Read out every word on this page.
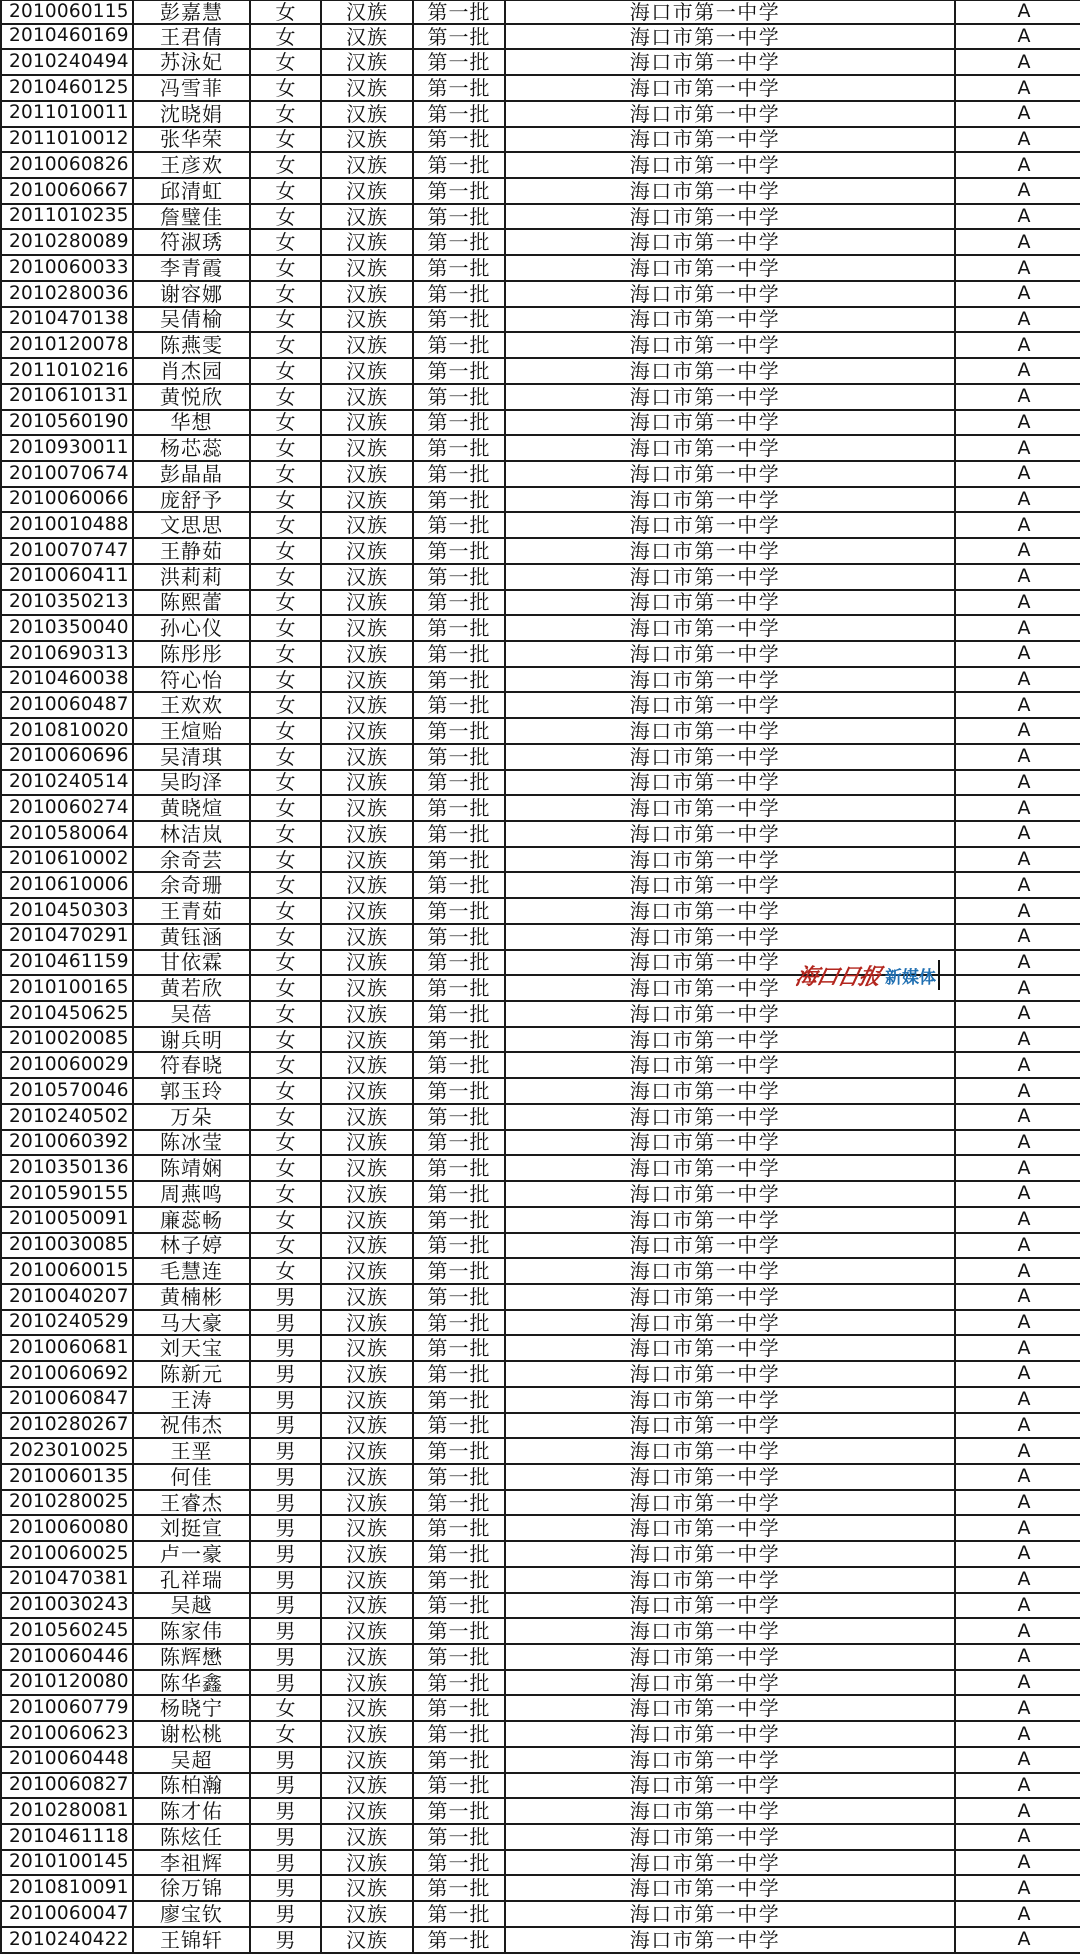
2010060115	彭嘉慧	女	汉族	第一批	海口市第一中学	A
2010460169	王君倩	女	汉族	第一批	海口市第一中学	A
2010240494	苏泳妃	女	汉族	第一批	海口市第一中学	A
2010460125	冯雪菲	女	汉族	第一批	海口市第一中学	A
2011010011	沈晓娟	女	汉族	第一批	海口市第一中学	A
2011010012	张华荣	女	汉族	第一批	海口市第一中学	A
2010060826	王彦欢	女	汉族	第一批	海口市第一中学	A
2010060667	邱清虹	女	汉族	第一批	海口市第一中学	A
2011010235	詹璧佳	女	汉族	第一批	海口市第一中学	A
2010280089	符淑琇	女	汉族	第一批	海口市第一中学	A
2010060033	李青霞	女	汉族	第一批	海口市第一中学	A
2010280036	谢容娜	女	汉族	第一批	海口市第一中学	A
2010470138	吴倩榆	女	汉族	第一批	海口市第一中学	A
2010120078	陈燕雯	女	汉族	第一批	海口市第一中学	A
2011010216	肖杰园	女	汉族	第一批	海口市第一中学	A
2010610131	黄悦欣	女	汉族	第一批	海口市第一中学	A
2010560190	华想	女	汉族	第一批	海口市第一中学	A
2010930011	杨芯蕊	女	汉族	第一批	海口市第一中学	A
2010070674	彭晶晶	女	汉族	第一批	海口市第一中学	A
2010060066	庞舒予	女	汉族	第一批	海口市第一中学	A
2010010488	文思思	女	汉族	第一批	海口市第一中学	A
2010070747	王静茹	女	汉族	第一批	海口市第一中学	A
2010060411	洪莉莉	女	汉族	第一批	海口市第一中学	A
2010350213	陈熙蕾	女	汉族	第一批	海口市第一中学	A
2010350040	孙心仪	女	汉族	第一批	海口市第一中学	A
2010690313	陈彤彤	女	汉族	第一批	海口市第一中学	A
2010460038	符心怡	女	汉族	第一批	海口市第一中学	A
2010060487	王欢欢	女	汉族	第一批	海口市第一中学	A
2010810020	王煊贻	女	汉族	第一批	海口市第一中学	A
2010060696	吴清琪	女	汉族	第一批	海口市第一中学	A
2010240514	吴昀泽	女	汉族	第一批	海口市第一中学	A
2010060274	黄晓煊	女	汉族	第一批	海口市第一中学	A
2010580064	林洁岚	女	汉族	第一批	海口市第一中学	A
2010610002	余奇芸	女	汉族	第一批	海口市第一中学	A
2010610006	余奇珊	女	汉族	第一批	海口市第一中学	A
2010450303	王青茹	女	汉族	第一批	海口市第一中学	A
2010470291	黄钰涵	女	汉族	第一批	海口市第一中学	A
2010461159	甘依霖	女	汉族	第一批	海口市第一中学	A
2010100165	黄若欣	女	汉族	第一批	海口市第一中学	A
2010450625	吴蓓	女	汉族	第一批	海口市第一中学	A
2010020085	谢兵明	女	汉族	第一批	海口市第一中学	A
2010060029	符春晓	女	汉族	第一批	海口市第一中学	A
2010570046	郭玉玲	女	汉族	第一批	海口市第一中学	A
2010240502	万朵	女	汉族	第一批	海口市第一中学	A
2010060392	陈冰莹	女	汉族	第一批	海口市第一中学	A
2010350136	陈靖娴	女	汉族	第一批	海口市第一中学	A
2010590155	周燕鸣	女	汉族	第一批	海口市第一中学	A
2010050091	廉蕊畅	女	汉族	第一批	海口市第一中学	A
2010030085	林子婷	女	汉族	第一批	海口市第一中学	A
2010060015	毛慧连	女	汉族	第一批	海口市第一中学	A
2010040207	黄楠彬	男	汉族	第一批	海口市第一中学	A
2010240529	马大豪	男	汉族	第一批	海口市第一中学	A
2010060681	刘天宝	男	汉族	第一批	海口市第一中学	A
2010060692	陈新元	男	汉族	第一批	海口市第一中学	A
2010060847	王涛	男	汉族	第一批	海口市第一中学	A
2010280267	祝伟杰	男	汉族	第一批	海口市第一中学	A
2023010025	王垩	男	汉族	第一批	海口市第一中学	A
2010060135	何佳	男	汉族	第一批	海口市第一中学	A
2010280025	王睿杰	男	汉族	第一批	海口市第一中学	A
2010060080	刘挺宣	男	汉族	第一批	海口市第一中学	A
2010060025	卢一豪	男	汉族	第一批	海口市第一中学	A
2010470381	孔祥瑞	男	汉族	第一批	海口市第一中学	A
2010030243	吴越	男	汉族	第一批	海口市第一中学	A
2010560245	陈家伟	男	汉族	第一批	海口市第一中学	A
2010060446	陈辉懋	男	汉族	第一批	海口市第一中学	A
2010120080	陈华鑫	男	汉族	第一批	海口市第一中学	A
2010060779	杨晓宁	女	汉族	第一批	海口市第一中学	A
2010060623	谢松桃	女	汉族	第一批	海口市第一中学	A
2010060448	吴超	男	汉族	第一批	海口市第一中学	A
2010060827	陈柏瀚	男	汉族	第一批	海口市第一中学	A
2010280081	陈才佑	男	汉族	第一批	海口市第一中学	A
2010461118	陈炫任	男	汉族	第一批	海口市第一中学	A
2010100145	李祖辉	男	汉族	第一批	海口市第一中学	A
2010810091	徐万锦	男	汉族	第一批	海口市第一中学	A
2010060047	廖宝钦	男	汉族	第一批	海口市第一中学	A
2010240422	王锦轩	男	汉族	第一批	海口市第一中学	A
海口日报 新媒体
